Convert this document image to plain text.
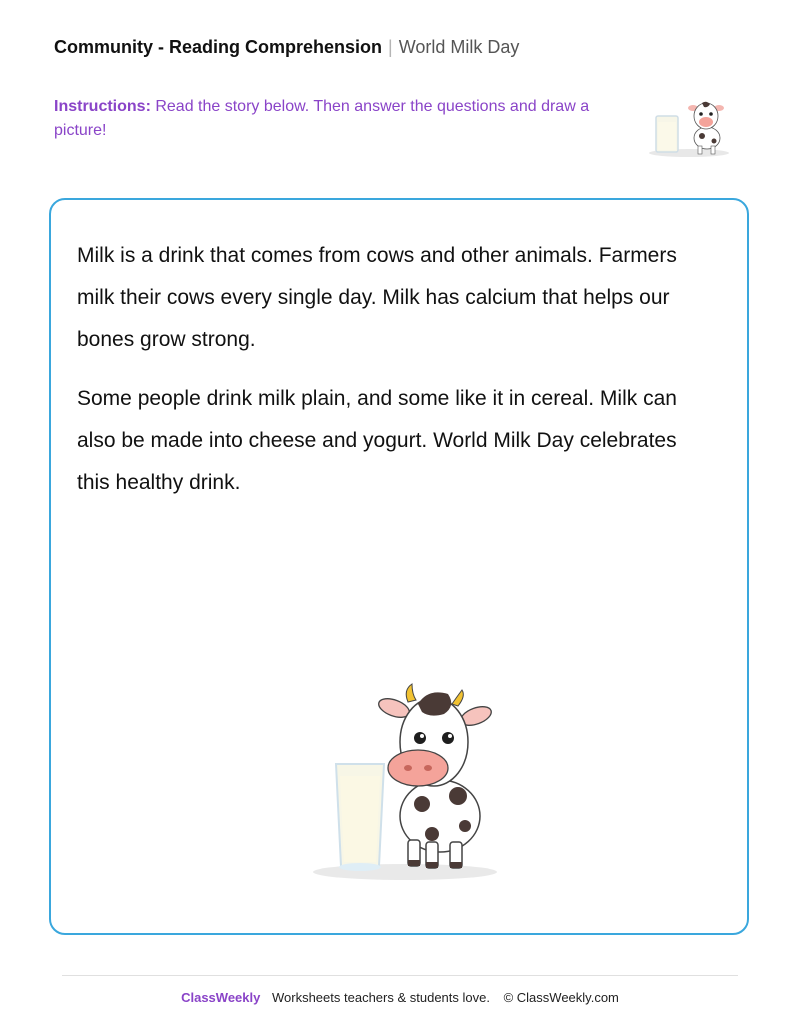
Community - Reading Comprehension | World Milk Day
Instructions: Read the story below. Then answer the questions and draw a picture!

Milk is a drink that comes from cows and other animals. Farmers milk their cows every single day. Milk has calcium that helps our bones grow strong.

Some people drink milk plain, and some like it in cereal. Milk can also be made into cheese and yogurt. World Milk Day celebrates this healthy drink.

ClassWeekly Worksheets teachers & students love. © ClassWeekly.com
